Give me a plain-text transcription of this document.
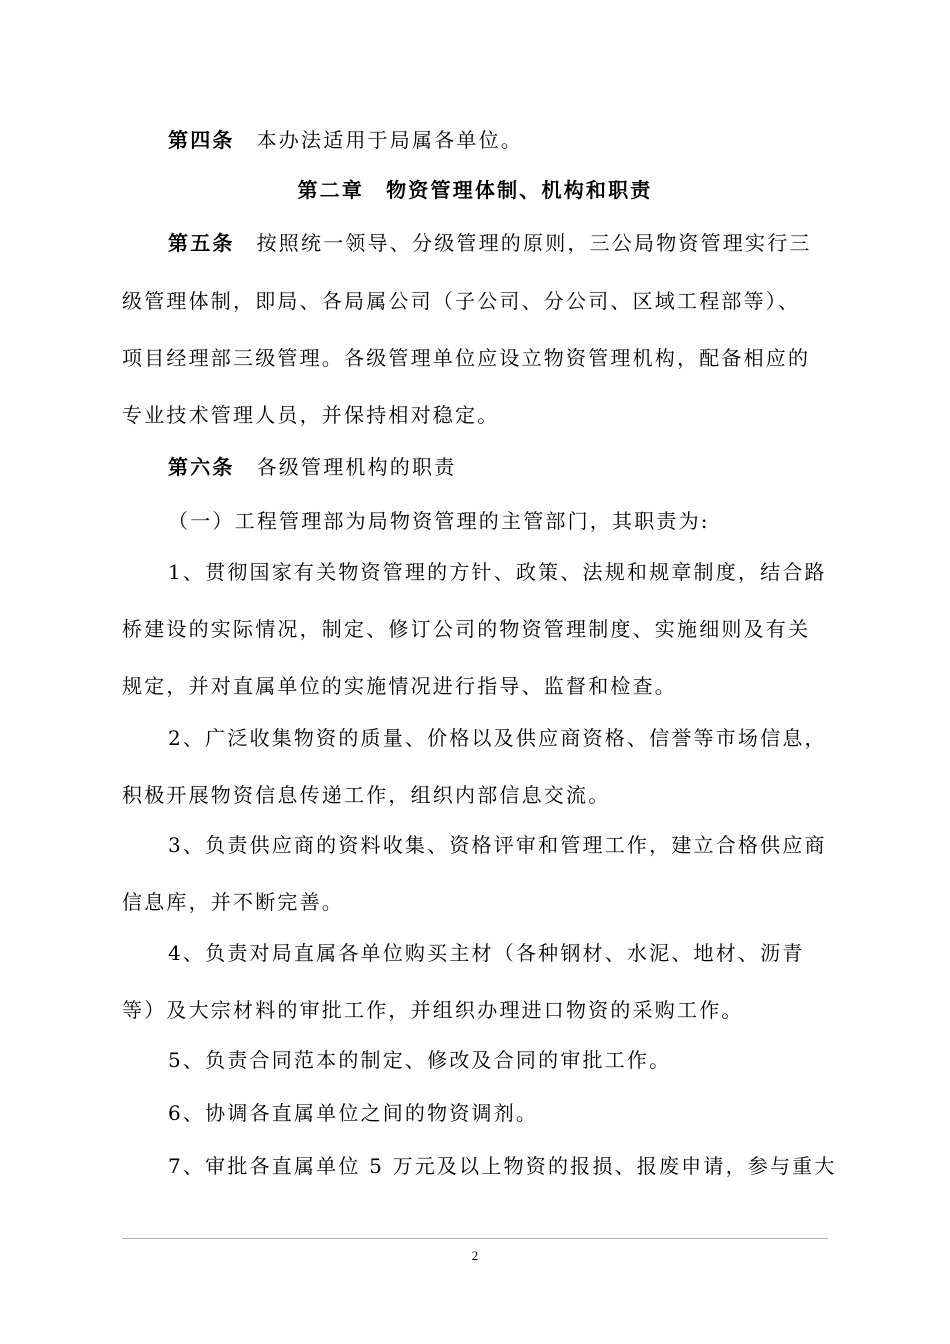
第四条 本办法适用于局属各单位。
第二章 物资管理体制、机构和职责
第五条 按照统一领导、分级管理的原则，三公局物资管理实行三
级管理体制，即局、各局属公司（子公司、分公司、区域工程部等）、
项目经理部三级管理。各级管理单位应设立物资管理机构，配备相应的
专业技术管理人员，并保持相对稳定。
第六条 各级管理机构的职责
（一）工程管理部为局物资管理的主管部门，其职责为:
1、贯彻国家有关物资管理的方针、政策、法规和规章制度，结合路
桥建设的实际情况，制定、修订公司的物资管理制度、实施细则及有关
规定，并对直属单位的实施情况进行指导、监督和检查。
2、广泛收集物资的质量、价格以及供应商资格、信誉等市场信息，
积极开展物资信息传递工作，组织内部信息交流。
3、负责供应商的资料收集、资格评审和管理工作，建立合格供应商
信息库，并不断完善。
4、负责对局直属各单位购买主材（各种钢材、水泥、地材、沥青
等）及大宗材料的审批工作，并组织办理进口物资的采购工作。
5、负责合同范本的制定、修改及合同的审批工作。
6、协调各直属单位之间的物资调剂。
7、审批各直属单位 5 万元及以上物资的报损、报废申请，参与重大
2
